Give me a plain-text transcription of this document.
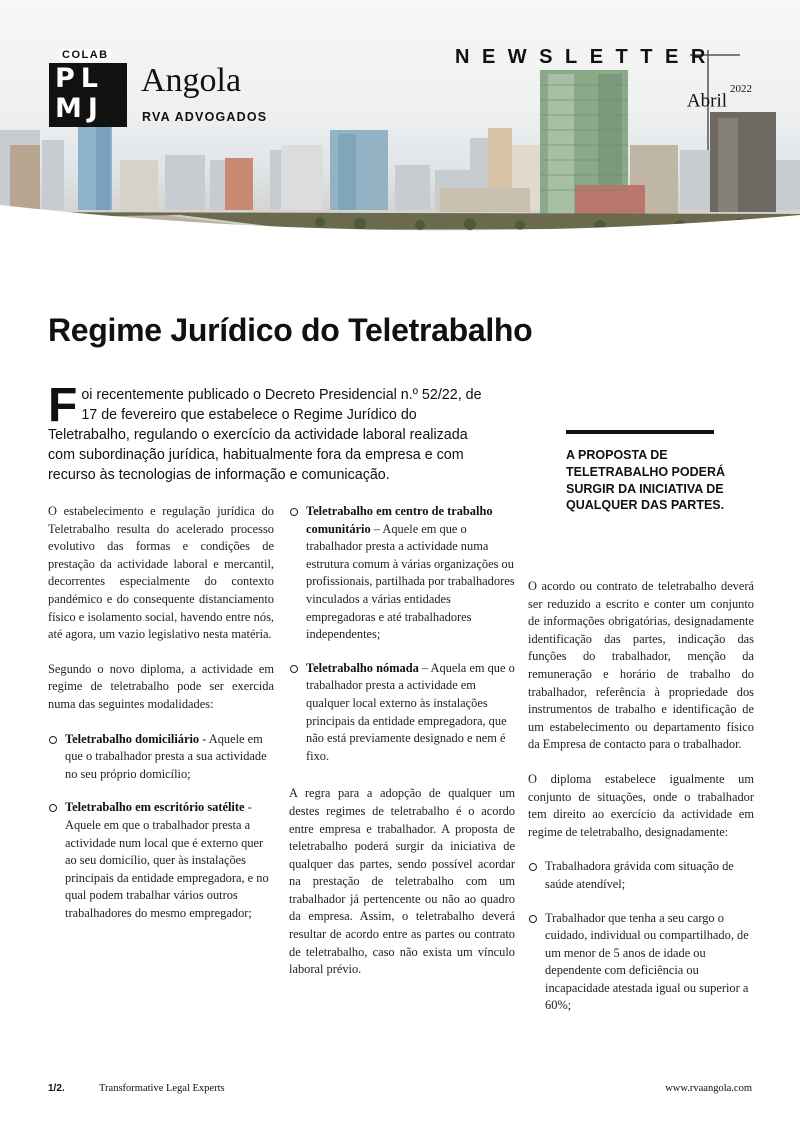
PL
MJ
COLAB
Angola
RVA ADVOGADOS
NEWSLETTER
Abril$^{2022}$
Regime Jurídico do Teletrabalho
Foi recentemente publicado o Decreto Presidencial n.º 52/22, de 17 de fevereiro que estabelece o Regime Jurídico do Teletrabalho, regulando o exercício da actividade laboral realizada com subordinação jurídica, habitualmente fora da empresa e com recurso às tecnologias de informação e comunicação.
A PROPOSTA DE TELETRABALHO PODERÁ SURGIR DA INICIATIVA DE QUALQUER DAS PARTES.

O estabelecimento e regulação jurídica do Teletrabalho resulta do acelerado processo evolutivo das formas e condições de prestação da actividade laboral e mercantil, decorrentes especialmente do contexto pandémico e do consequente distanciamento físico e isolamento social, havendo entre nós, até agora, um vazio legislativo nesta matéria.

Segundo o novo diploma, a actividade em regime de teletrabalho pode ser exercida numa das seguintes modalidades:

Teletrabalho domiciliário - Aquele em que o trabalhador presta a sua actividade no seu próprio domicílio;
Teletrabalho em escritório satélite - Aquele em que o trabalhador presta a actividade num local que é externo quer ao seu domicílio, quer às instalações principais da entidade empregadora, e no qual podem trabalhar vários outros trabalhadores do mesmo empregador;
Teletrabalho em centro de trabalho comunitário – Aquele em que o trabalhador presta a actividade numa estrutura comum à várias organizações ou profissionais, partilhada por trabalhadores vinculados a várias entidades empregadoras e até trabalhadores independentes;
Teletrabalho nómada – Aquela em que o trabalhador presta a actividade em qualquer local externo às instalações principais da entidade empregadora, que não está previamente designado e nem é fixo.

A regra para a adopção de qualquer um destes regimes de teletrabalho é o acordo entre empresa e trabalhador. A proposta de teletrabalho poderá surgir da iniciativa de qualquer das partes, sendo possível acordar na prestação de teletrabalho com um trabalhador já pertencente ou não ao quadro da empresa. Assim, o teletrabalho deverá resultar de acordo entre as partes ou contrato de teletrabalho, caso não exista um vínculo laboral prévio.

O acordo ou contrato de teletrabalho deverá ser reduzido a escrito e conter um conjunto de informações obrigatórias, designadamente identificação das partes, indicação das funções do trabalhador, menção da remuneração e horário de trabalho do trabalhador, referência à propriedade dos instrumentos de trabalho e identificação de um estabelecimento ou departamento físico da Empresa de contacto para o trabalhador.

O diploma estabelece igualmente um conjunto de situações, onde o trabalhador tem direito ao exercício da actividade em regime de teletrabalho, designadamente:

Trabalhadora grávida com situação de saúde atendível;
Trabalhador que tenha a seu cargo o cuidado, individual ou compartilhado, de um menor de 5 anos de idade ou dependente com deficiência ou incapacidade atestada igual ou superior a 60%;
1/2.	Transformative Legal Experts	www.rvaangola.com
